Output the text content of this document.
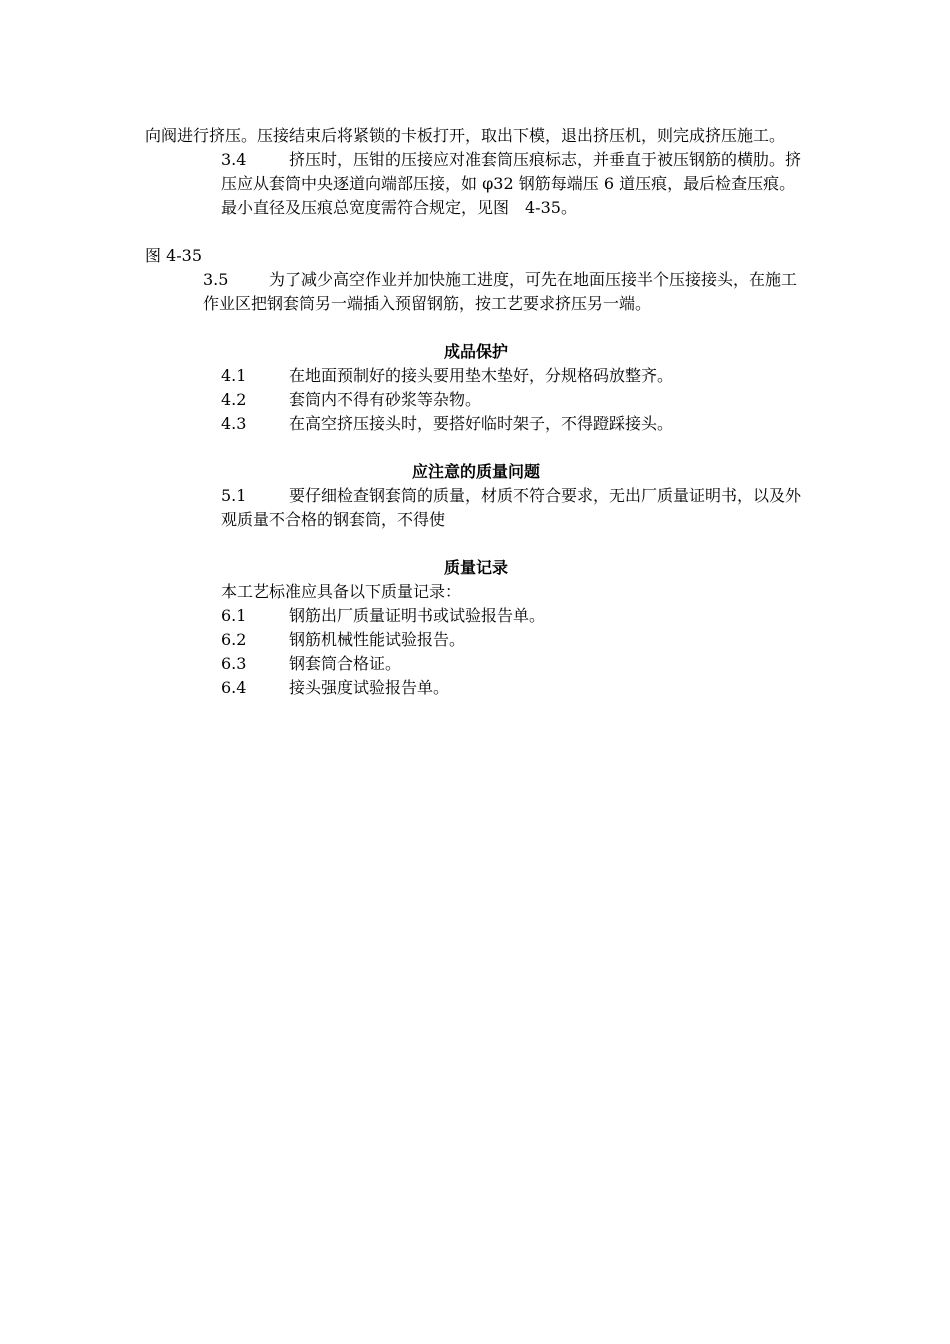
向阀进行挤压。压接结束后将紧锁的卡板打开，取出下模，退出挤压机，则完成挤压施工。

3.4	挤压时，压钳的压接应对准套筒压痕标志，并垂直于被压钢筋的横肋。挤压应从套筒中央逐道向端部压接，如 φ32 钢筋每端压 6 道压痕，最后检查压痕。最小直径及压痕总宽度需符合规定，见图　4-35。

图 4-35

3.5	为了减少高空作业并加快施工进度，可先在地面压接半个压接接头，在施工作业区把钢套筒另一端插入预留钢筋，按工艺要求挤压另一端。

成品保护

4.1	在地面预制好的接头要用垫木垫好，分规格码放整齐。

4.2	套筒内不得有砂浆等杂物。

4.3	在高空挤压接头时，要搭好临时架子，不得蹬踩接头。

应注意的质量问题

5.1	要仔细检查钢套筒的质量，材质不符合要求，无出厂质量证明书，以及外观质量不合格的钢套筒，不得使

质量记录

本工艺标准应具备以下质量记录：

6.1	钢筋出厂质量证明书或试验报告单。

6.2	钢筋机械性能试验报告。

6.3	钢套筒合格证。

6.4	接头强度试验报告单。
